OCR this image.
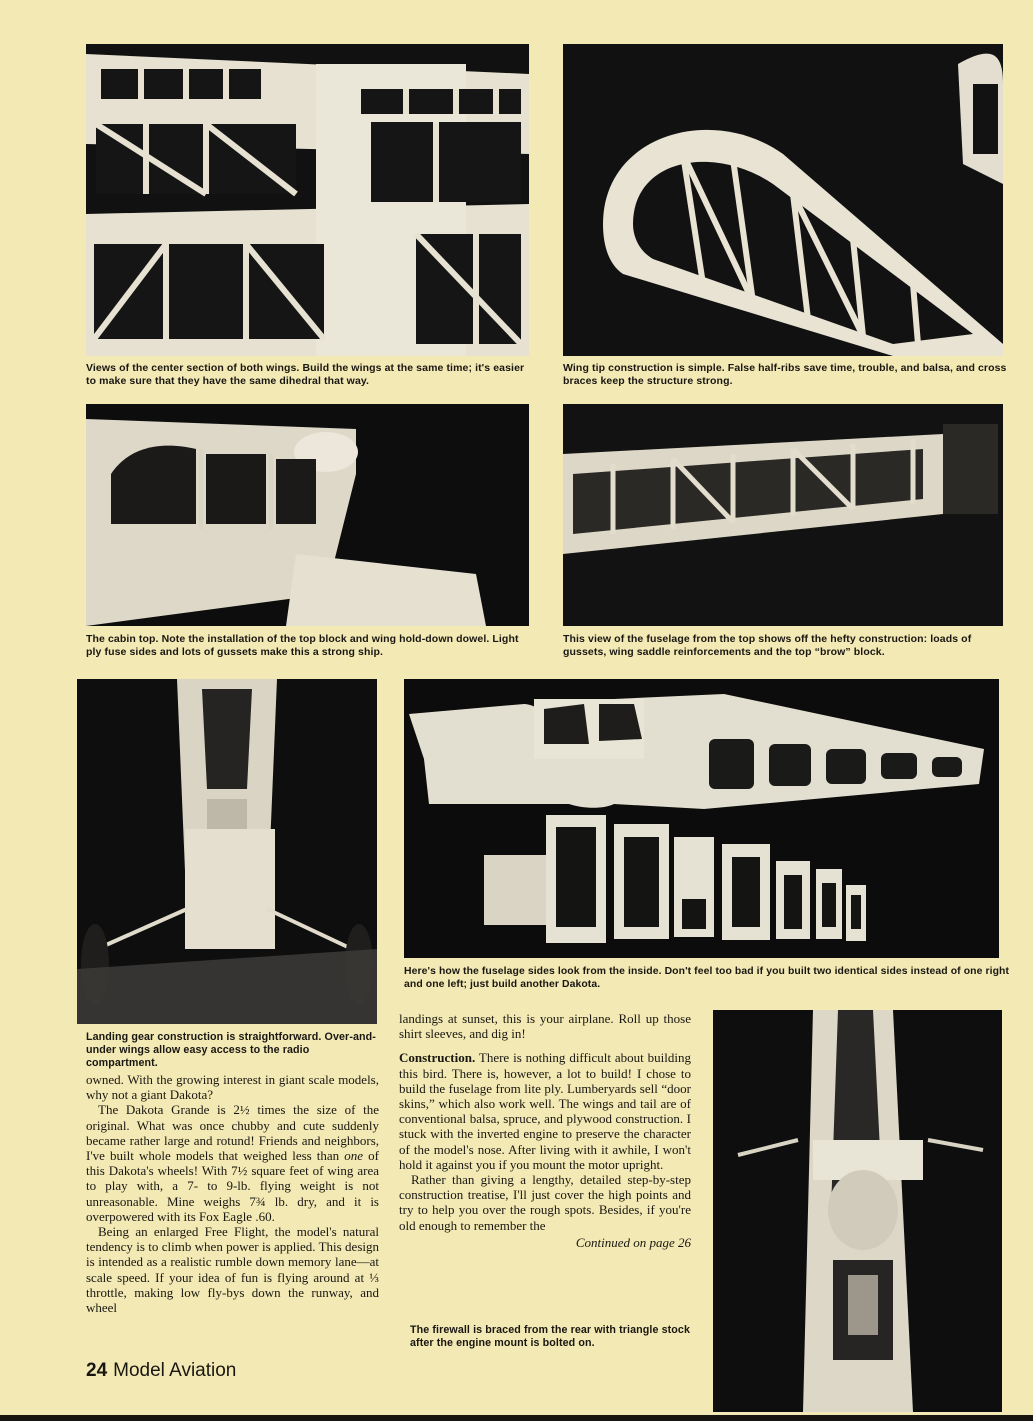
Views of the center section of both wings. Build the wings at the same time; it's easier to make sure that they have the same dihedral that way.
Wing tip construction is simple. False half-ribs save time, trouble, and balsa, and cross braces keep the structure strong.
The cabin top. Note the installation of the top block and wing hold-down dowel. Light ply fuse sides and lots of gussets make this a strong ship.
This view of the fuselage from the top shows off the hefty construction: loads of gussets, wing saddle reinforcements and the top “brow” block.
Landing gear construction is straightforward. Over-and-under wings allow easy access to the radio compartment.
Here's how the fuselage sides look from the inside. Don't feel too bad if you built two identical sides instead of one right and one left; just build another Dakota.

owned. With the growing interest in giant scale models, why not a giant Dakota?

The Dakota Grande is 2½ times the size of the original. What was once chubby and cute suddenly became rather large and rotund! Friends and neighbors, I've built whole models that weighed less than one of this Dakota's wheels! With 7½ square feet of wing area to play with, a 7- to 9-lb. flying weight is not unreasonable. Mine weighs 7¾ lb. dry, and it is overpowered with its Fox Eagle .60.

Being an enlarged Free Flight, the model's natural tendency is to climb when power is applied. This design is intended as a realistic rumble down memory lane—at scale speed. If your idea of fun is flying around at ⅓ throttle, making low fly-bys down the runway, and wheel

landings at sunset, this is your airplane. Roll up those shirt sleeves, and dig in!

Construction. There is nothing difficult about building this bird. There is, however, a lot to build! I chose to build the fuselage from lite ply. Lumberyards sell “door skins,” which also work well. The wings and tail are of conventional balsa, spruce, and plywood construction. I stuck with the inverted engine to preserve the character of the model's nose. After living with it awhile, I won't hold it against you if you mount the motor upright.

Rather than giving a lengthy, detailed step-by-step construction treatise, I'll just cover the high points and try to help you over the rough spots. Besides, if you're old enough to remember the

Continued on page 26

The firewall is braced from the rear with triangle stock after the engine mount is bolted on.
24 Model Aviation
